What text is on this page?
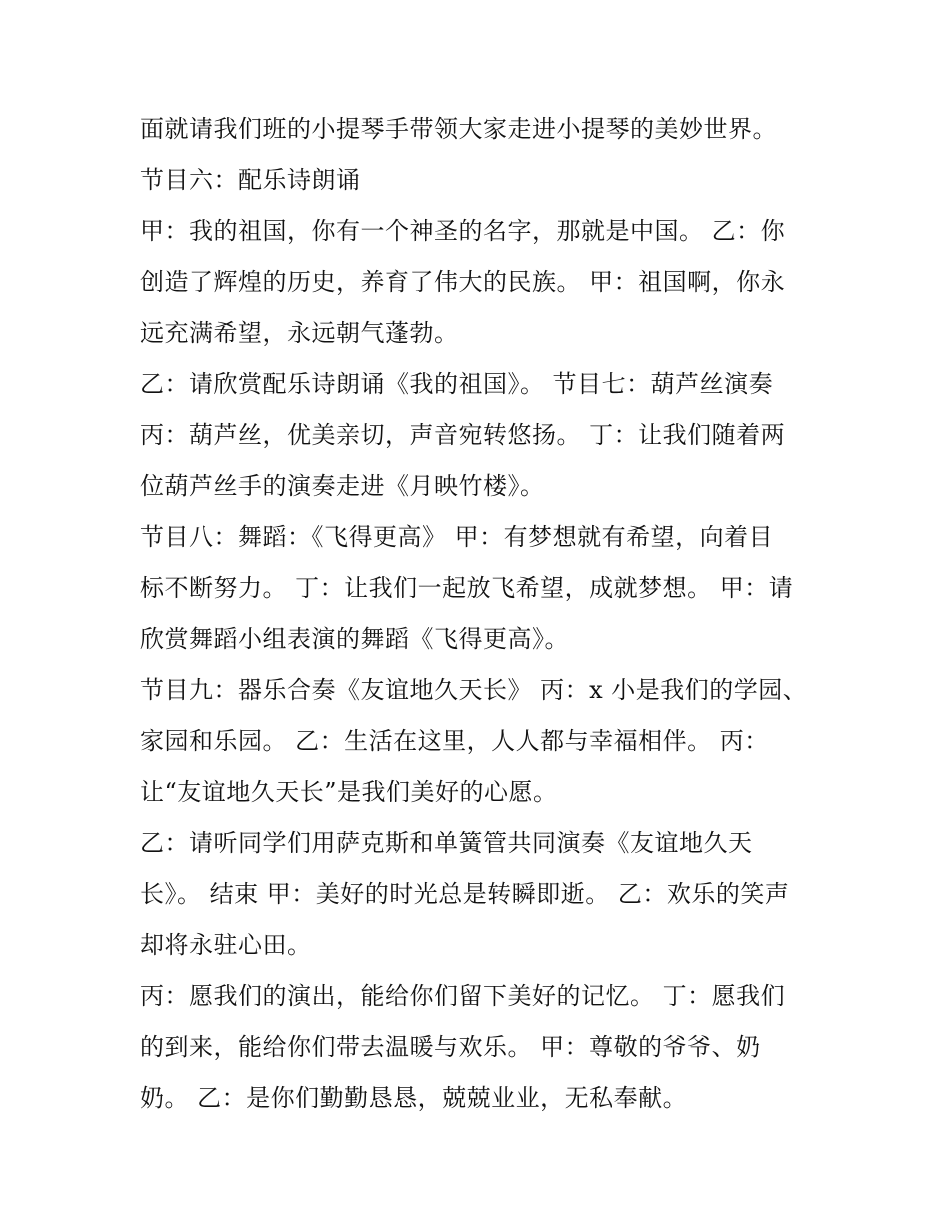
面就请我们班的小提琴手带领大家走进小提琴的美妙世界。
节目六：配乐诗朗诵
甲：我的祖国，你有一个神圣的名字，那就是中国。 乙：你
创造了辉煌的历史，养育了伟大的民族。 甲：祖国啊，你永
远充满希望，永远朝气蓬勃。
乙：请欣赏配乐诗朗诵《我的祖国》。 节目七：葫芦丝演奏
丙：葫芦丝，优美亲切，声音宛转悠扬。 丁：让我们随着两
位葫芦丝手的演奏走进《月映竹楼》。
节目八：舞蹈：《飞得更高》 甲：有梦想就有希望，向着目
标不断努力。 丁：让我们一起放飞希望，成就梦想。 甲：请
欣赏舞蹈小组表演的舞蹈《飞得更高》。
节目九：器乐合奏《友谊地久天长》 丙：x 小是我们的学园、
家园和乐园。 乙：生活在这里，人人都与幸福相伴。 丙：
让“友谊地久天长”是我们美好的心愿。
乙：请听同学们用萨克斯和单簧管共同演奏《友谊地久天
长》。 结束 甲：美好的时光总是转瞬即逝。 乙：欢乐的笑声
却将永驻心田。
丙：愿我们的演出，能给你们留下美好的记忆。 丁：愿我们
的到来，能给你们带去温暖与欢乐。 甲：尊敬的爷爷、奶
奶。 乙：是你们勤勤恳恳，兢兢业业，无私奉献。
